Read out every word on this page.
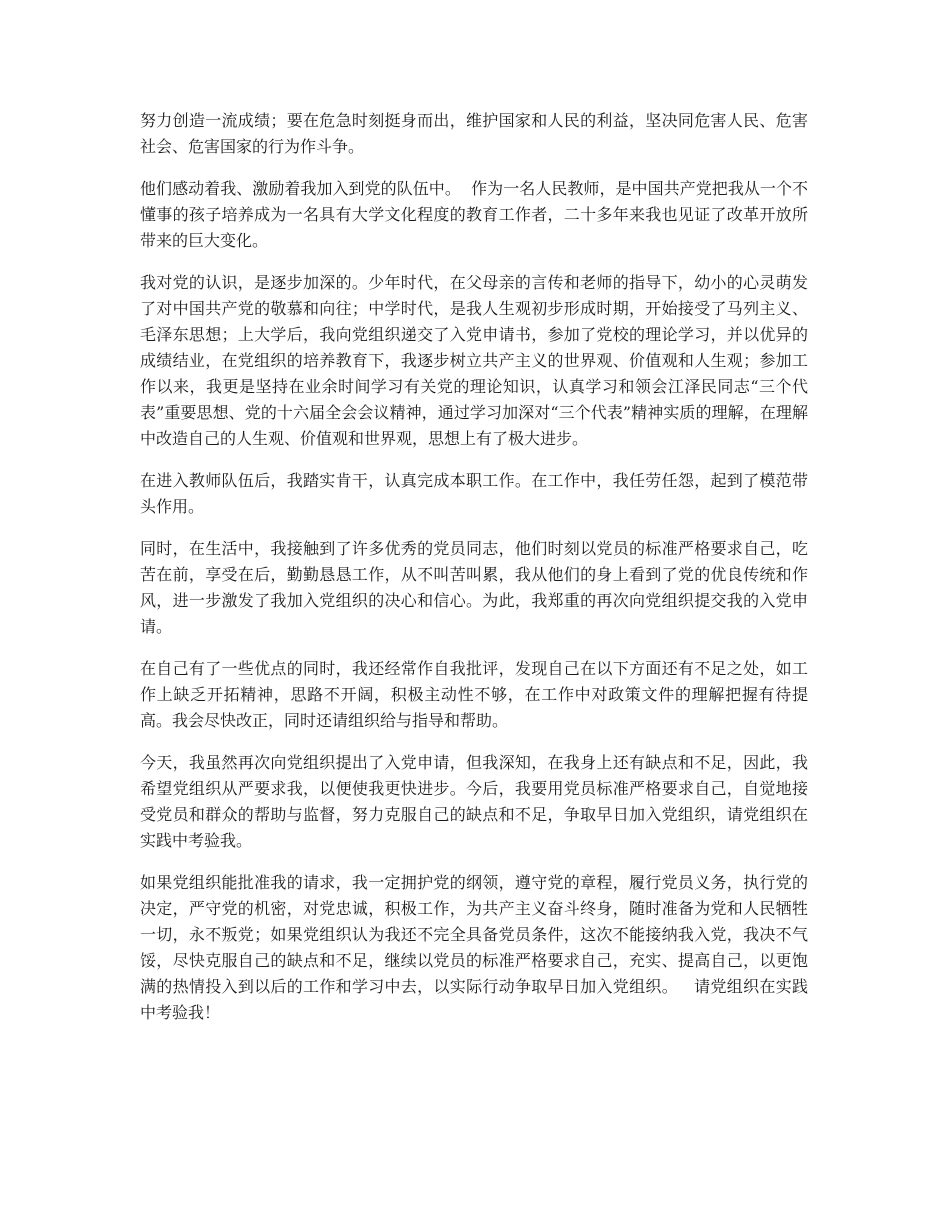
努力创造一流成绩；要在危急时刻挺身而出，维护国家和人民的利益，坚决同危害人民、危害社会、危害国家的行为作斗争。

他们感动着我、激励着我加入到党的队伍中。  作为一名人民教师，是中国共产党把我从一个不懂事的孩子培养成为一名具有大学文化程度的教育工作者，二十多年来我也见证了改革开放所带来的巨大变化。

我对党的认识，是逐步加深的。少年时代，在父母亲的言传和老师的指导下，幼小的心灵萌发了对中国共产党的敬慕和向往；中学时代，是我人生观初步形成时期，开始接受了马列主义、毛泽东思想；上大学后，我向党组织递交了入党申请书，参加了党校的理论学习，并以优异的成绩结业，在党组织的培养教育下，我逐步树立共产主义的世界观、价值观和人生观；参加工作以来，我更是坚持在业余时间学习有关党的理论知识，认真学习和领会江泽民同志“三个代表”重要思想、党的十六届全会会议精神，通过学习加深对“三个代表”精神实质的理解，在理解中改造自己的人生观、价值观和世界观，思想上有了极大进步。

在进入教师队伍后，我踏实肯干，认真完成本职工作。在工作中，我任劳任怨，起到了模范带头作用。

同时，在生活中，我接触到了许多优秀的党员同志，他们时刻以党员的标准严格要求自己，吃苦在前，享受在后，勤勤恳恳工作，从不叫苦叫累，我从他们的身上看到了党的优良传统和作风，进一步激发了我加入党组织的决心和信心。为此，我郑重的再次向党组织提交我的入党申请。

在自己有了一些优点的同时，我还经常作自我批评，发现自己在以下方面还有不足之处，如工作上缺乏开拓精神，思路不开阔，积极主动性不够，在工作中对政策文件的理解把握有待提高。我会尽快改正，同时还请组织给与指导和帮助。

今天，我虽然再次向党组织提出了入党申请，但我深知，在我身上还有缺点和不足，因此，我希望党组织从严要求我，以便使我更快进步。今后，我要用党员标准严格要求自己，自觉地接受党员和群众的帮助与监督，努力克服自己的缺点和不足，争取早日加入党组织，请党组织在实践中考验我。

如果党组织能批准我的请求，我一定拥护党的纲领，遵守党的章程，履行党员义务，执行党的决定，严守党的机密，对党忠诚，积极工作，为共产主义奋斗终身，随时准备为党和人民牺牲一切，永不叛党；如果党组织认为我还不完全具备党员条件，这次不能接纳我入党，我决不气馁，尽快克服自己的缺点和不足，继续以党员的标准严格要求自己，充实、提高自己，以更饱满的热情投入到以后的工作和学习中去，以实际行动争取早日加入党组织。   请党组织在实践中考验我！
